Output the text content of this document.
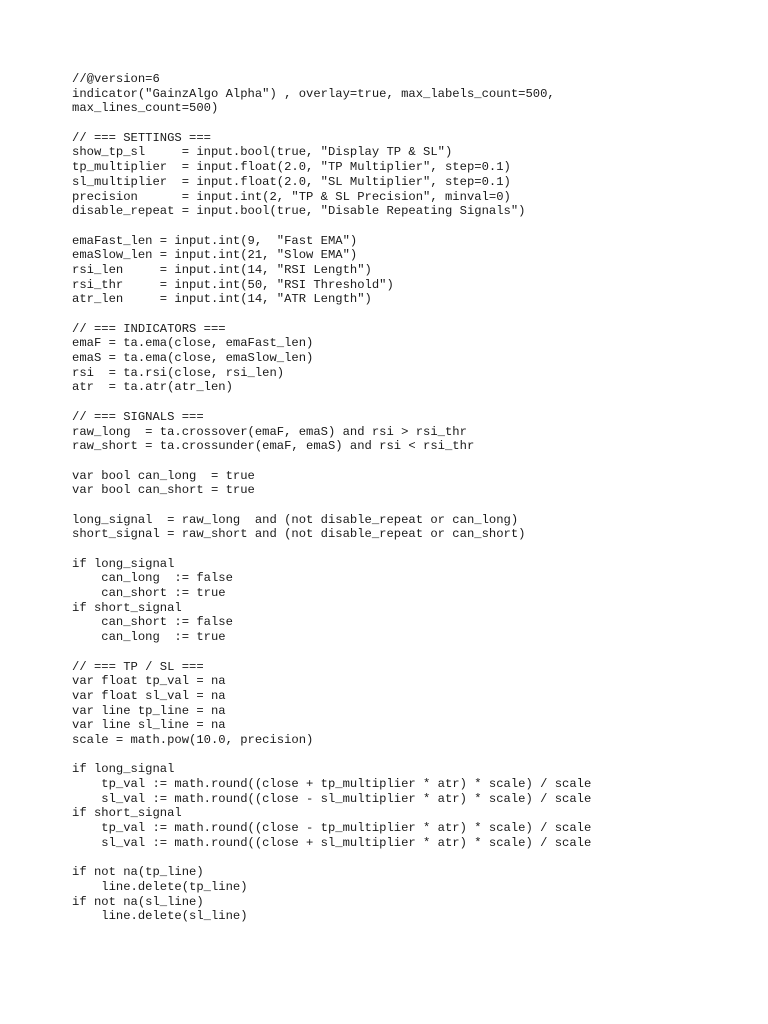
//@version=6
indicator("GainzAlgo Alpha") , overlay=true, max_labels_count=500,
max_lines_count=500)
// === SETTINGS ===
show_tp_sl     = input.bool(true, "Display TP & SL")
tp_multiplier  = input.float(2.0, "TP Multiplier", step=0.1)
sl_multiplier  = input.float(2.0, "SL Multiplier", step=0.1)
precision      = input.int(2, "TP & SL Precision", minval=0)
disable_repeat = input.bool(true, "Disable Repeating Signals")
emaFast_len = input.int(9,  "Fast EMA")
emaSlow_len = input.int(21, "Slow EMA")
rsi_len     = input.int(14, "RSI Length")
rsi_thr     = input.int(50, "RSI Threshold")
atr_len     = input.int(14, "ATR Length")
// === INDICATORS ===
emaF = ta.ema(close, emaFast_len)
emaS = ta.ema(close, emaSlow_len)
rsi  = ta.rsi(close, rsi_len)
atr  = ta.atr(atr_len)
// === SIGNALS ===
raw_long  = ta.crossover(emaF, emaS) and rsi > rsi_thr
raw_short = ta.crossunder(emaF, emaS) and rsi < rsi_thr
var bool can_long  = true
var bool can_short = true
long_signal  = raw_long  and (not disable_repeat or can_long)
short_signal = raw_short and (not disable_repeat or can_short)
if long_signal
can_long  := false
can_short := true
if short_signal
can_short := false
can_long  := true
// === TP / SL ===
var float tp_val = na
var float sl_val = na
var line tp_line = na
var line sl_line = na
scale = math.pow(10.0, precision)
if long_signal
tp_val := math.round((close + tp_multiplier * atr) * scale) / scale
sl_val := math.round((close - sl_multiplier * atr) * scale) / scale
if short_signal
tp_val := math.round((close - tp_multiplier * atr) * scale) / scale
sl_val := math.round((close + sl_multiplier * atr) * scale) / scale
if not na(tp_line)
line.delete(tp_line)
if not na(sl_line)
line.delete(sl_line)
